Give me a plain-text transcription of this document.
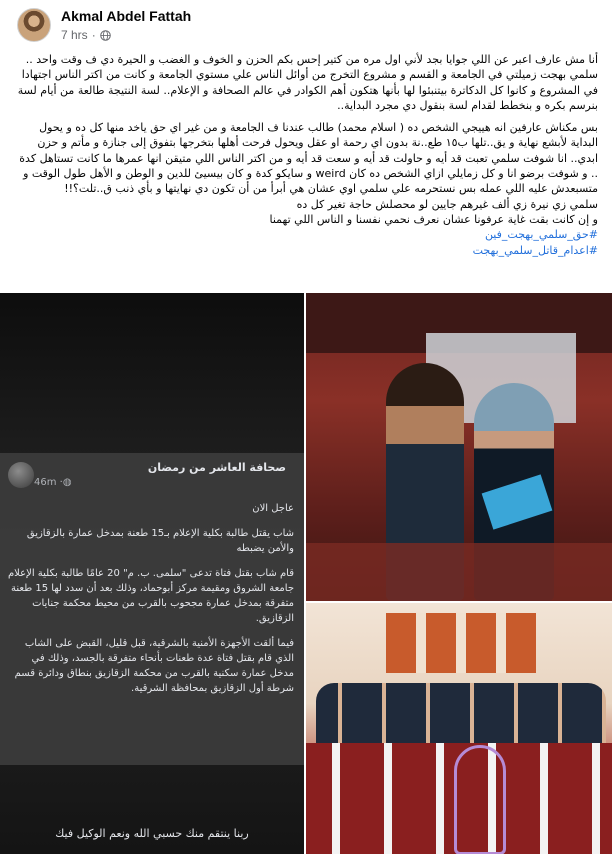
Akmal Abdel Fattah
7 hrs ·

أنا مش عارف اعبر عن اللي جوايا بجد لأني اول مره من كتير إحس بكم الحزن و الخوف و الغضب و الحيرة دي ف وقت واحد .. سلمي بهجت زميلتي في الجامعة و القسم و مشروع التخرج من أوائل الناس علي مستوي الجامعة و كانت من اكتر الناس اجتهادا في المشروع و كانوا كل الدكاترة بيتنبئوا لها بأنها هتكون أهم الكوادر في عالم الصحافة و الإعلام.. لسة النتيجة طالعة من أيام لسة بنرسم بكره و بنخطط لقدام لسة بنقول دي مجرد البداية..

بس مكناش عارفين انه هييجي الشخص ده ( اسلام محمد) طالب عندنا ف الجامعة و من غير اي حق ياخد منها كل ده و يحول البداية لأبشع نهاية و يق..تلها ب١٥ طع..نة بدون اي رحمة او عقل ويحول فرحت أهلها بتخرجها بتفوق إلى جنازة و مأتم و حزن ابدي.. انا شوفت سلمي تعبت قد أيه و حاولت قد أيه و سعت قد أيه و من اكتر الناس اللي متيقن انها عمرها ما كانت تستاهل كدة .. و شوفت برضو انا و كل زمايلي ازاي الشخص ده كان weird و سايكو كدة و كان بيسيئ للدين و الوطن و الأهل طول الوقت و متسبعدش عليه اللي عمله بس نستحرمه علي سلمي اوي عشان هي أبرأ من أن تكون دي نهايتها و بأي ذنب ق..تلت؟!!

سلمي زي نيرة زي ألف غيرهم جايين لو محصلش حاجة تغير كل ده

و إن كانت بقت غاية عرفونا عشان نعرف نحمي نفسنا و الناس اللي تهمنا

#حق_سلمي_بهجت_فين
#اعدام_قاتل_سلمي_بهجت
صحافة العاشر من رمضان
46m ·◍

عاجل الان

شاب يقتل طالبة بكلية الإعلام بـ15 طعنة بمدخل عمارة بالزقازيق والأمن يضبطه

قام شاب بقتل فتاة تدعى "سلمى. ب. م" 20 عامًا طالبة بكلية الإعلام جامعة الشروق ومقيمة مركز أبوحماد، وذلك بعد أن سدد لها 15 طعنة متفرقة بمدخل عمارة مجحوب بالقرب من محيط محكمة جنايات الزقازيق.

فيما ألقت الأجهزة الأمنية بالشرقية، قبل قليل، القبض على الشاب الذي قام بقتل فتاة عدة طعنات بأنحاء متفرقة بالجسد، وذلك في مدخل عمارة سكنية بالقرب من محكمة الزقازيق بنطاق ودائرة قسم شرطة أول الزقازيق بمحافظة الشرقية.

ربنا ينتقم منك حسبي الله ونعم الوكيل فيك
